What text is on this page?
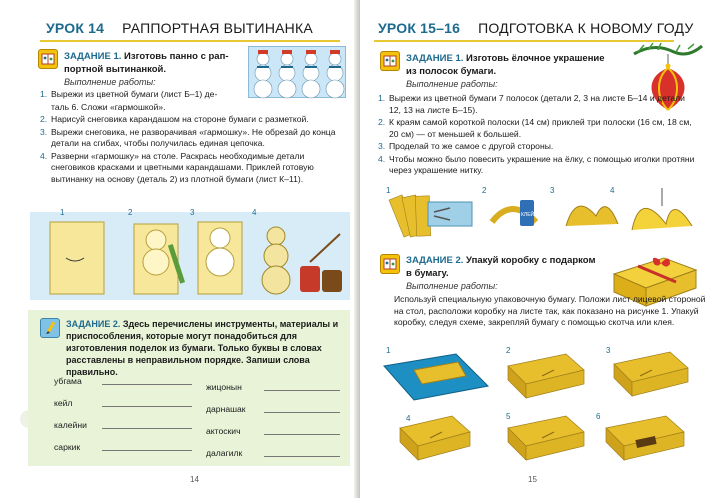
УРОК 14 РАППОРТНАЯ ВЫТИНАНКА
ЗАДАНИЕ 1. Изготовь панно с рап-
портной вытинанкой.
Выполнение работы:
1. Вырежи из цветной бумаги (лист Б–1) де-
таль 6. Сложи «гармошкой».
2. Нарисуй снеговика карандашом на стороне бумаги с разметкой.
3. Вырежи снеговика, не разворачивая «гармошку». Не обрезай до конца детали на сгибах, чтобы получилась единая цепочка.
4. Разверни «гармошку» на столе. Раскрась необходимые детали снеговиков красками и цветными карандашами. Приклей готовую вытинанку на основу (деталь 2) из плотной бумаги (лист К–11).
1	2	3	4
ЗАДАНИЕ 2. Здесь перечислены инструменты, материалы и приспособления, которые могут понадобиться для изготовления поделок из бумаги. Только буквы в словах расставлены в неправильном порядке. Запиши слова правильно.
убгама
кейл
калейни
саркик
жицонын
дарнашак
актоскич
далагилк
14
УРОК 15–16 ПОДГОТОВКА К НОВОМУ ГОДУ
ЗАДАНИЕ 1. Изготовь ёлочное украшение
из полосок бумаги.
Выполнение работы:
1. Вырежи из цветной бумаги 7 полосок (детали 2, 3 на листе Б–14 и детали 12, 13 на листе Б–15).
2. К краям самой короткой полоски (14 см) приклей три полоски (16 см, 18 см, 20 см) — от меньшей к большей.
3. Проделай то же самое с другой стороны.
4. Чтобы можно было повесить украшение на ёлку, с помощью иголки протяни через украшение нитку.
1	2	3	4
КЛЕЙ
ЗАДАНИЕ 2. Упакуй коробку с подарком
в бумагу.
Выполнение работы:
Используй специальную упаковочную бумагу. Положи лист лицевой стороной на стол, расположи коробку на листе так, как показано на рисунке 1. Упакуй коробку, следуя схеме, закрепляй бумагу с помощью скотча или клея.
1	2	3
4	5	6
15
